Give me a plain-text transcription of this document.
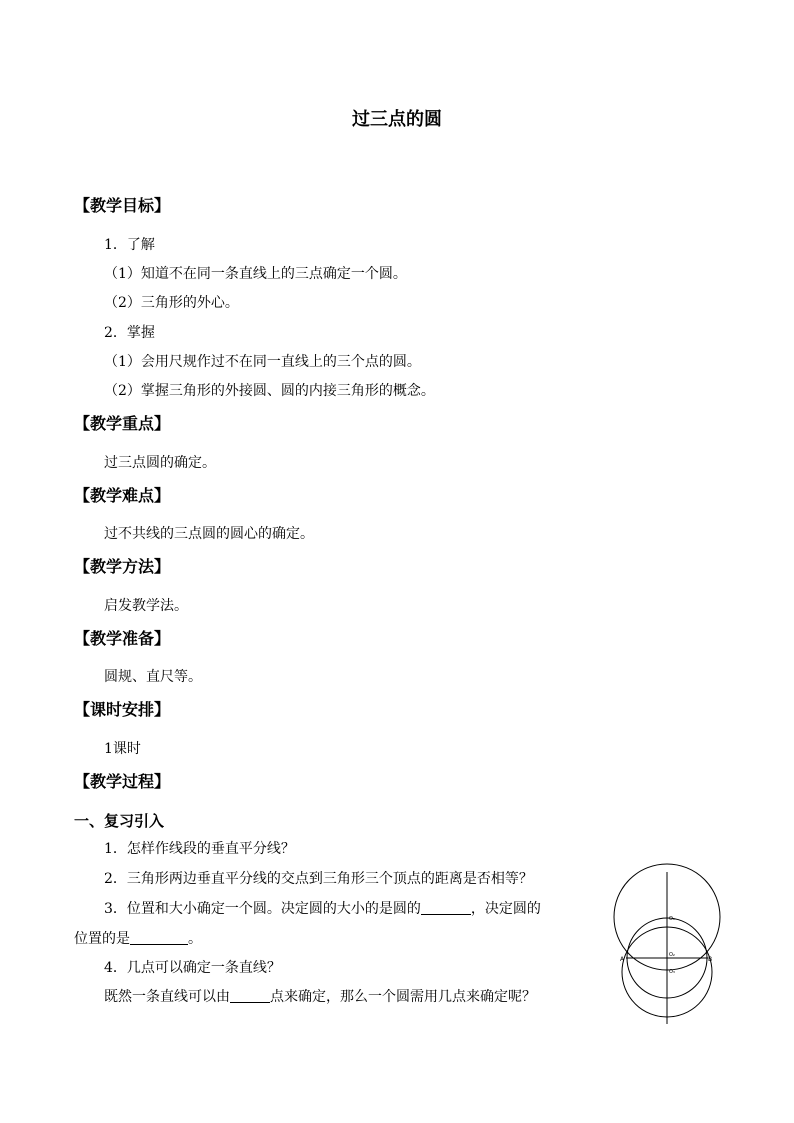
过三点的圆
【教学目标】
1．了解
（1）知道不在同一条直线上的三点确定一个圆。
（2）三角形的外心。
2．掌握
（1）会用尺规作过不在同一直线上的三个点的圆。
（2）掌握三角形的外接圆、圆的内接三角形的概念。
【教学重点】
过三点圆的确定。
【教学难点】
过不共线的三点圆的圆心的确定。
【教学方法】
启发教学法。
【教学准备】
圆规、直尺等。
【课时安排】
1课时
【教学过程】
一、复习引入
1．怎样作线段的垂直平分线？
2．三角形两边垂直平分线的交点到三角形三个顶点的距离是否相等？
3．位置和大小确定一个圆。决定圆的大小的是圆的	，决定圆的
位置的是	。
4．几点可以确定一条直线？
既然一条直线可以由	点来确定，那么一个圆需用几点来确定呢？
A	B
O₁
O₂
O₃
